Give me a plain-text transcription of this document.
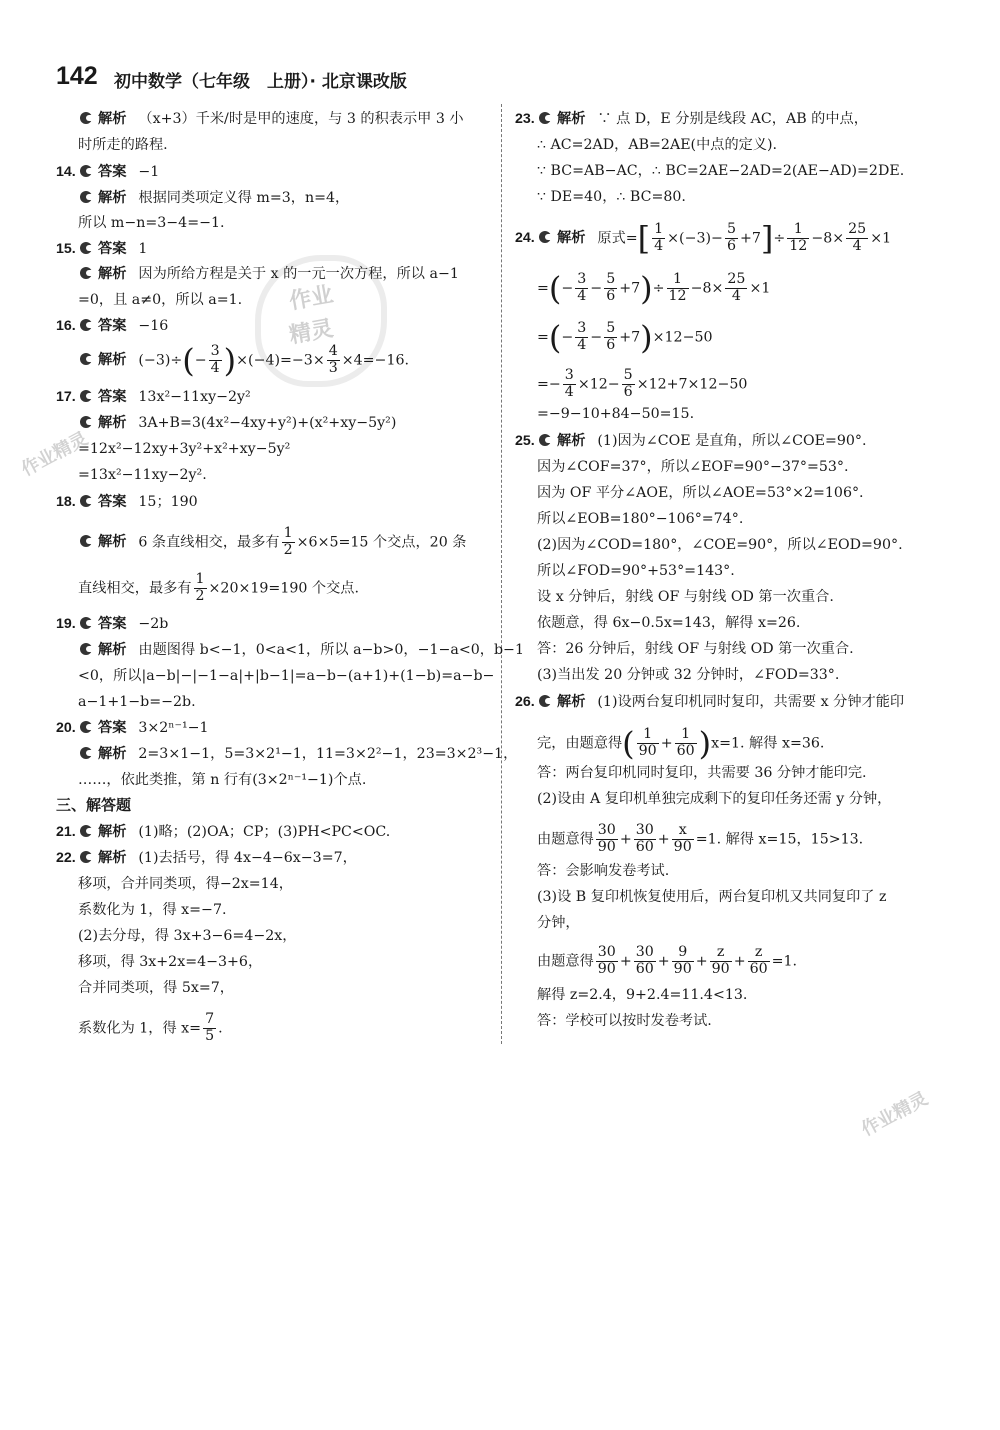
142 初中数学（七年级　上册）· 北京课改版
作业精灵
作业精灵
作业
精灵
解析 （x+3）千米/时是甲的速度，与 3 的积表示甲 3 小
时所走的路程.
14. 答案 −1
解析 根据同类项定义得 m=3，n=4，
所以 m−n=3−4=−1.
15. 答案 1
解析 因为所给方程是关于 x 的一元一次方程，所以 a−1
=0，且 a≠0，所以 a=1.
16. 答案 −16
解析 $(-3)\div(- \frac{3}{4} )\times(-4)=-3\times \frac{4}{3} \times 4=-16$.
17. 答案 13x²−11xy−2y²
解析 3A+B=3(4x²−4xy+y²)+(x²+xy−5y²)
=12x²−12xy+3y²+x²+xy−5y²
=13x²−11xy−2y².
18. 答案 15；190
解析 6 条直线相交，最多有 $\frac{1}{2} \times 6\times 5=15$ 个交点，20 条
直线相交，最多有 $\frac{1}{2} \times 20\times 19=190$ 个交点.
19. 答案 −2b
解析 由题图得 b<−1，0<a<1，所以 a−b>0，−1−a<0，b−1
<0，所以|a−b|−|−1−a|+|b−1|=a−b−(a+1)+(1−b)=a−b−
a−1+1−b=−2b.
20. 答案 3×2ⁿ⁻¹−1
解析 2=3×1−1，5=3×2¹−1，11=3×2²−1，23=3×2³−1，
……，依此类推，第 n 行有(3×2ⁿ⁻¹−1)个点.
三、解答题
21. 解析 (1)略；(2)OA；CP；(3)PH<PC<OC.
22. 解析 (1)去括号，得 4x−4−6x−3=7，
移项，合并同类项，得−2x=14，
系数化为 1，得 x=−7.
(2)去分母，得 3x+3−6=4−2x，
移项，得 3x+2x=4−3+6，
合并同类项，得 5x=7，
系数化为 1，得 $x= \frac{7}{5}$ .
23. 解析 ∵ 点 D，E 分别是线段 AC，AB 的中点，
∴ AC=2AD，AB=2AE(中点的定义).
∵ BC=AB−AC，∴ BC=2AE−2AD=2(AE−AD)=2DE.
∵ DE=40，∴ BC=80.
24. 解析 原式=[ $\frac{1}{4} \times(-3)- \frac{5}{6} +7]\div \frac{1}{12} -8\times \frac{25}{4} \times 1$
=(− $\frac{3}{4} - \frac{5}{6} +7)\div \frac{1}{12} -8\times \frac{25}{4} \times 1$
=(− $\frac{3}{4} - \frac{5}{6} +7)\times 12-50$
=− $\frac{3}{4} \times 12- \frac{5}{6} \times 12+7\times 12-50$
=−9−10+84−50=15.
25. 解析 (1)因为∠COE 是直角，所以∠COE=90°.
因为∠COF=37°，所以∠EOF=90°−37°=53°.
因为 OF 平分∠AOE，所以∠AOE=53°×2=106°.
所以∠EOB=180°−106°=74°.
(2)因为∠COD=180°，∠COE=90°，所以∠EOD=90°.
所以∠FOD=90°+53°=143°.
设 x 分钟后，射线 OF 与射线 OD 第一次重合.
依题意，得 6x−0.5x=143，解得 x=26.
答：26 分钟后，射线 OF 与射线 OD 第一次重合.
(3)当出发 20 分钟或 32 分钟时，∠FOD=33°.
26. 解析 (1)设两台复印机同时复印，共需要 x 分钟才能印
完，由题意得( $\frac{1}{90} + \frac{1}{60} )x=1$. 解得 x=36.
答：两台复印机同时复印，共需要 36 分钟才能印完.
(2)设由 A 复印机单独完成剩下的复印任务还需 y 分钟，
由题意得 $\frac{30}{90} + \frac{30}{60} + \frac{x}{90} =1$. 解得 x=15，15>13.
答：会影响发卷考试.
(3)设 B 复印机恢复使用后，两台复印机又共同复印了 z
分钟，
由题意得 $\frac{30}{90} + \frac{30}{60} + \frac{9}{90} + \frac{z}{90} + \frac{z}{60} =1$.
解得 z=2.4，9+2.4=11.4<13.
答：学校可以按时发卷考试.
